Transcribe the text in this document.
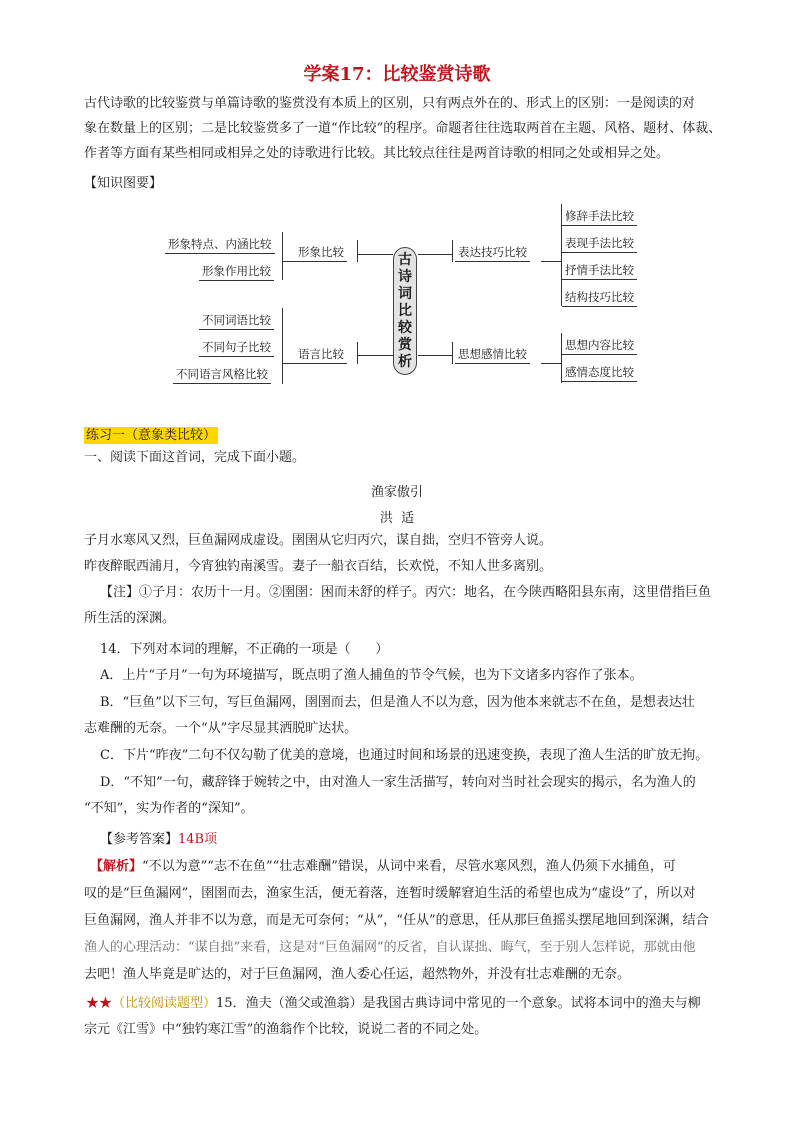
学案17：比较鉴赏诗歌
古代诗歌的比较鉴赏与单篇诗歌的鉴赏没有本质上的区别，只有两点外在的、形式上的区别：一是阅读的对
象在数量上的区别；二是比较鉴赏多了一道“作比较”的程序。命题者往往选取两首在主题、风格、题材、体裁、
作者等方面有某些相同或相异之处的诗歌进行比较。其比较点往往是两首诗歌的相同之处或相异之处。
【知识图要】
形象特点、内涵比较
形象作用比较
形象比较
不同词语比较
不同句子比较
不同语言风格比较
语言比较
古
诗
词
比
较
赏
析
表达技巧比较
修辞手法比较
表现手法比较
抒情手法比较
结构技巧比较
思想感情比较
思想内容比较
感情态度比较
练习一（意象类比较）
一、阅读下面这首词，完成下面小题。
渔家傲引
洪  适
子月水寒风又烈，巨鱼漏网成虚设。圉圉从它归丙穴，谋自拙，空归不管旁人说。
昨夜醉眠西浦月，今宵独钓南溪雪。妻子一船衣百结，长欢悦，不知人世多离别。
【注】①子月：农历十一月。②圉圉：困而未舒的样子。丙穴：地名，在今陕西略阳县东南，这里借指巨鱼
所生活的深渊。
14．下列对本词的理解，不正确的一项是（      ）
A．上片“子月”一句为环境描写，既点明了渔人捕鱼的节令气候，也为下文诸多内容作了张本。
B．“巨鱼”以下三句，写巨鱼漏网，圉圉而去，但是渔人不以为意，因为他本来就志不在鱼，是想表达壮
志难酬的无奈。一个“从”字尽显其洒脱旷达状。
C．下片“昨夜”二句不仅勾勒了优美的意境，也通过时间和场景的迅速变换，表现了渔人生活的旷放无拘。
D．“不知”一句，藏辞锋于婉转之中，由对渔人一家生活描写，转向对当时社会现实的揭示，名为渔人的
“不知”，实为作者的“深知”。
【参考答案】14B项
【解析】“不以为意”“志不在鱼”“壮志难酬”错误，从词中来看，尽管水寒风烈，渔人仍须下水捕鱼，可
叹的是“巨鱼漏网”，圉圉而去，渔家生活，便无着落，连暂时缓解窘迫生活的希望也成为“虚设”了，所以对
巨鱼漏网，渔人并非不以为意，而是无可奈何；“从”，“任从”的意思，任从那巨鱼摇头摆尾地回到深渊，结合
渔人的心理活动：“谋自拙”来看，这是对“巨鱼漏网”的反省，自认谋拙、晦气，至于别人怎样说，那就由他
去吧！渔人毕竟是旷达的，对于巨鱼漏网，渔人委心任运，超然物外，并没有壮志难酬的无奈。
★★（比较阅读题型）15．渔夫（渔父或渔翁）是我国古典诗词中常见的一个意象。试将本词中的渔夫与柳
宗元《江雪》中“独钓寒江雪”的渔翁作个比较，说说二者的不同之处。
